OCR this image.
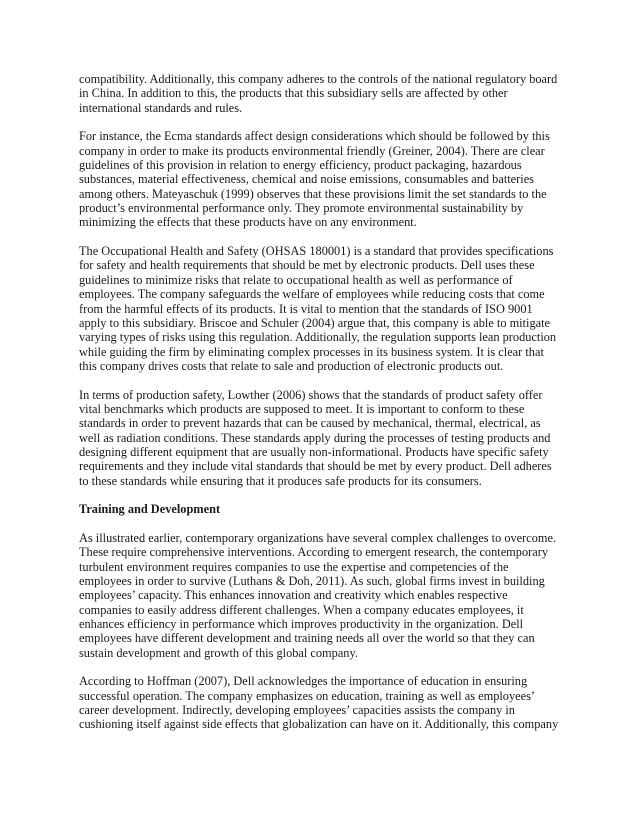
compatibility. Additionally, this company adheres to the controls of the national regulatory board
in China. In addition to this, the products that this subsidiary sells are affected by other
international standards and rules.
For instance, the Ecma standards affect design considerations which should be followed by this
company in order to make its products environmental friendly (Greiner, 2004). There are clear
guidelines of this provision in relation to energy efficiency, product packaging, hazardous
substances, material effectiveness, chemical and noise emissions, consumables and batteries
among others. Mateyaschuk (1999) observes that these provisions limit the set standards to the
product’s environmental performance only. They promote environmental sustainability by
minimizing the effects that these products have on any environment.
The Occupational Health and Safety (OHSAS 180001) is a standard that provides specifications
for safety and health requirements that should be met by electronic products. Dell uses these
guidelines to minimize risks that relate to occupational health as well as performance of
employees. The company safeguards the welfare of employees while reducing costs that come
from the harmful effects of its products. It is vital to mention that the standards of ISO 9001
apply to this subsidiary. Briscoe and Schuler (2004) argue that, this company is able to mitigate
varying types of risks using this regulation. Additionally, the regulation supports lean production
while guiding the firm by eliminating complex processes in its business system. It is clear that
this company drives costs that relate to sale and production of electronic products out.
In terms of production safety, Lowther (2006) shows that the standards of product safety offer
vital benchmarks which products are supposed to meet. It is important to conform to these
standards in order to prevent hazards that can be caused by mechanical, thermal, electrical, as
well as radiation conditions. These standards apply during the processes of testing products and
designing different equipment that are usually non-informational. Products have specific safety
requirements and they include vital standards that should be met by every product. Dell adheres
to these standards while ensuring that it produces safe products for its consumers.
Training and Development
As illustrated earlier, contemporary organizations have several complex challenges to overcome.
These require comprehensive interventions. According to emergent research, the contemporary
turbulent environment requires companies to use the expertise and competencies of the
employees in order to survive (Luthans & Doh, 2011). As such, global firms invest in building
employees’ capacity. This enhances innovation and creativity which enables respective
companies to easily address different challenges. When a company educates employees, it
enhances efficiency in performance which improves productivity in the organization. Dell
employees have different development and training needs all over the world so that they can
sustain development and growth of this global company.
According to Hoffman (2007), Dell acknowledges the importance of education in ensuring
successful operation. The company emphasizes on education, training as well as employees’
career development. Indirectly, developing employees’ capacities assists the company in
cushioning itself against side effects that globalization can have on it. Additionally, this company
